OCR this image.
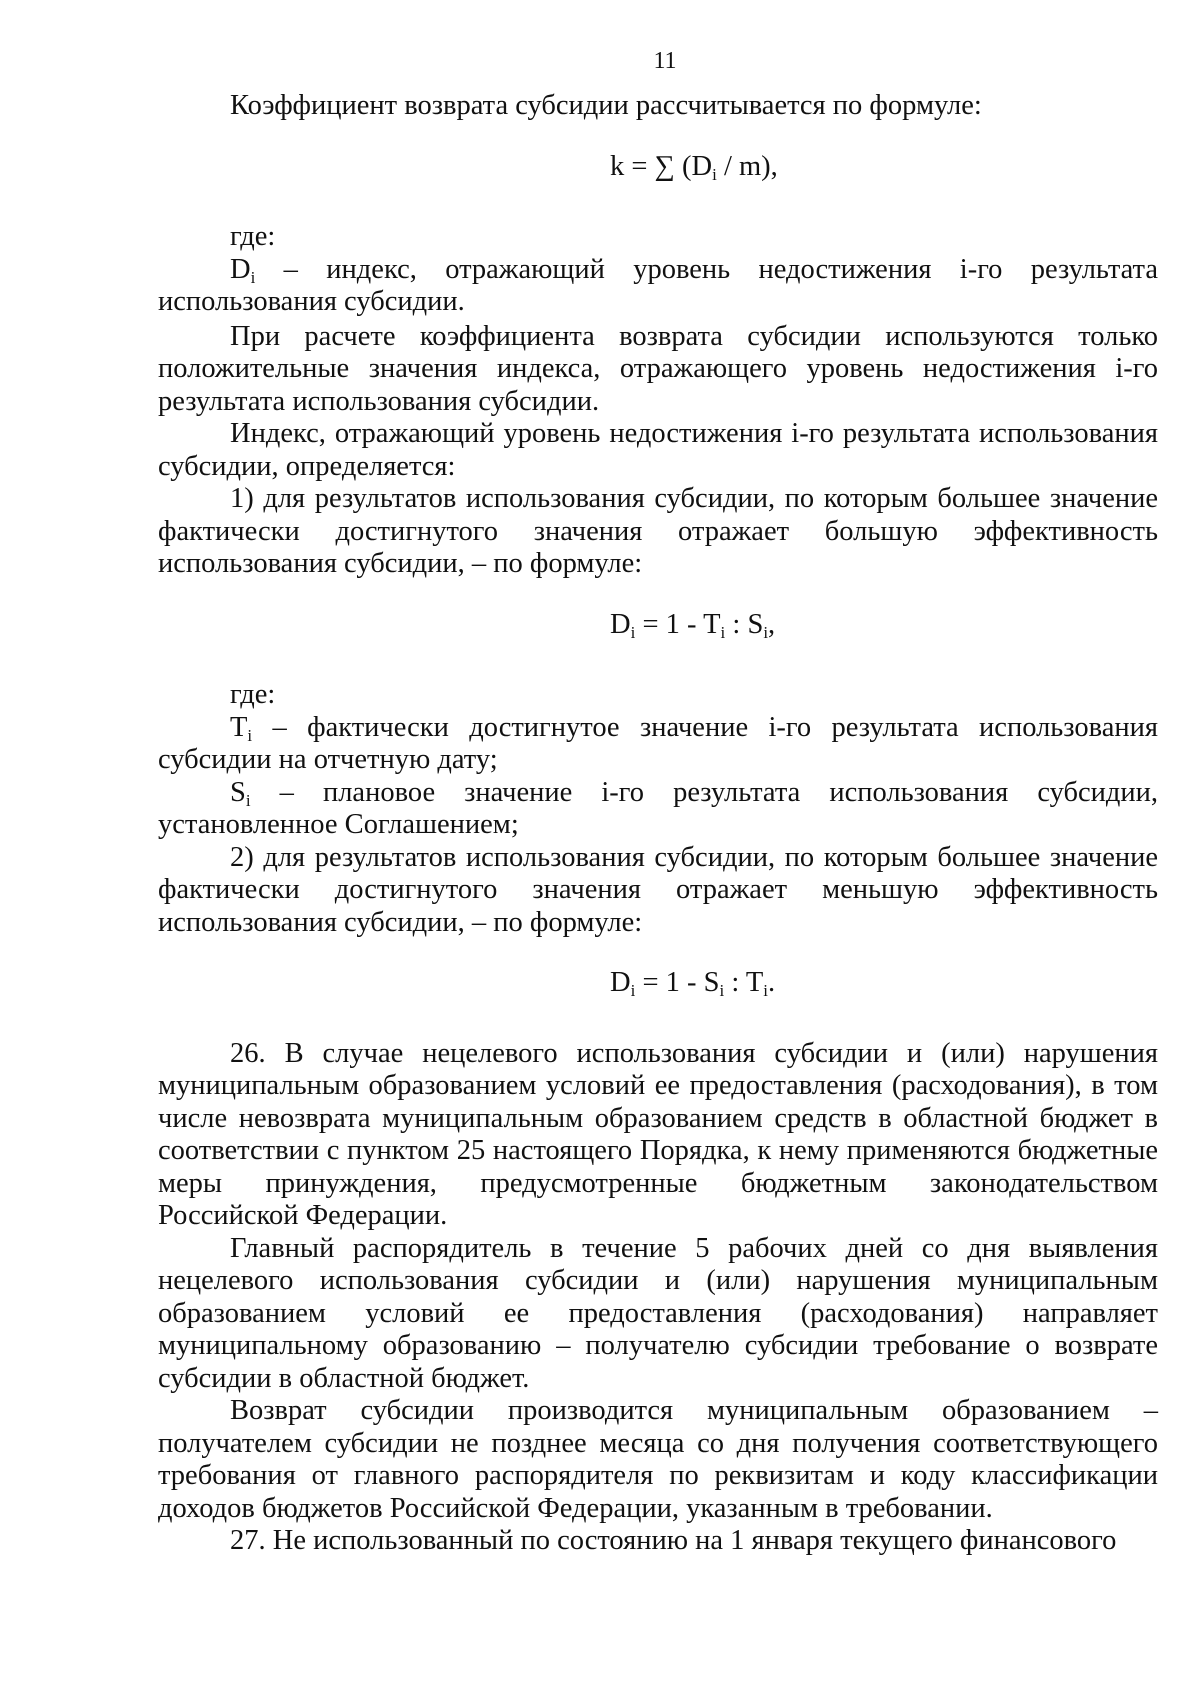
11

Коэффициент возврата субсидии рассчитывается по формуле:

k = ∑ $(D_i / m)$,

где:

$D_i$ – индекс, отражающий уровень недостижения i-го результата использования субсидии.

При расчете коэффициента возврата субсидии используются только положительные значения индекса, отражающего уровень недостижения i-го результата использования субсидии.

Индекс, отражающий уровень недостижения i-го результата использования субсидии, определяется:

1) для результатов использования субсидии, по которым большее значение фактически достигнутого значения отражает большую эффективность использования субсидии, – по формуле:

$D_i = 1 - T_i$ : $S_i$,

где:

$T_i$ – фактически достигнутое значение i-го результата использования субсидии на отчетную дату;

$S_i$ – плановое значение i-го результата использования субсидии, установленное Соглашением;

2) для результатов использования субсидии, по которым большее значение фактически достигнутого значения отражает меньшую эффективность использования субсидии, – по формуле:

$D_i = 1 - S_i$ : $T_i$.

26. В случае нецелевого использования субсидии и (или) нарушения муниципальным образованием условий ее предоставления (расходования), в том числе невозврата муниципальным образованием средств в областной бюджет в соответствии с пунктом 25 настоящего Порядка, к нему применяются бюджетные меры принуждения, предусмотренные бюджетным законодательством Российской Федерации.

Главный распорядитель в течение 5 рабочих дней со дня выявления нецелевого использования субсидии и (или) нарушения муниципальным образованием условий ее предоставления (расходования) направляет муниципальному образованию – получателю субсидии требование о возврате субсидии в областной бюджет.

Возврат субсидии производится муниципальным образованием – получателем субсидии не позднее месяца со дня получения соответствующего требования от главного распорядителя по реквизитам и коду классификации доходов бюджетов Российской Федерации, указанным в требовании.

27. Не использованный по состоянию на 1 января текущего финансового
